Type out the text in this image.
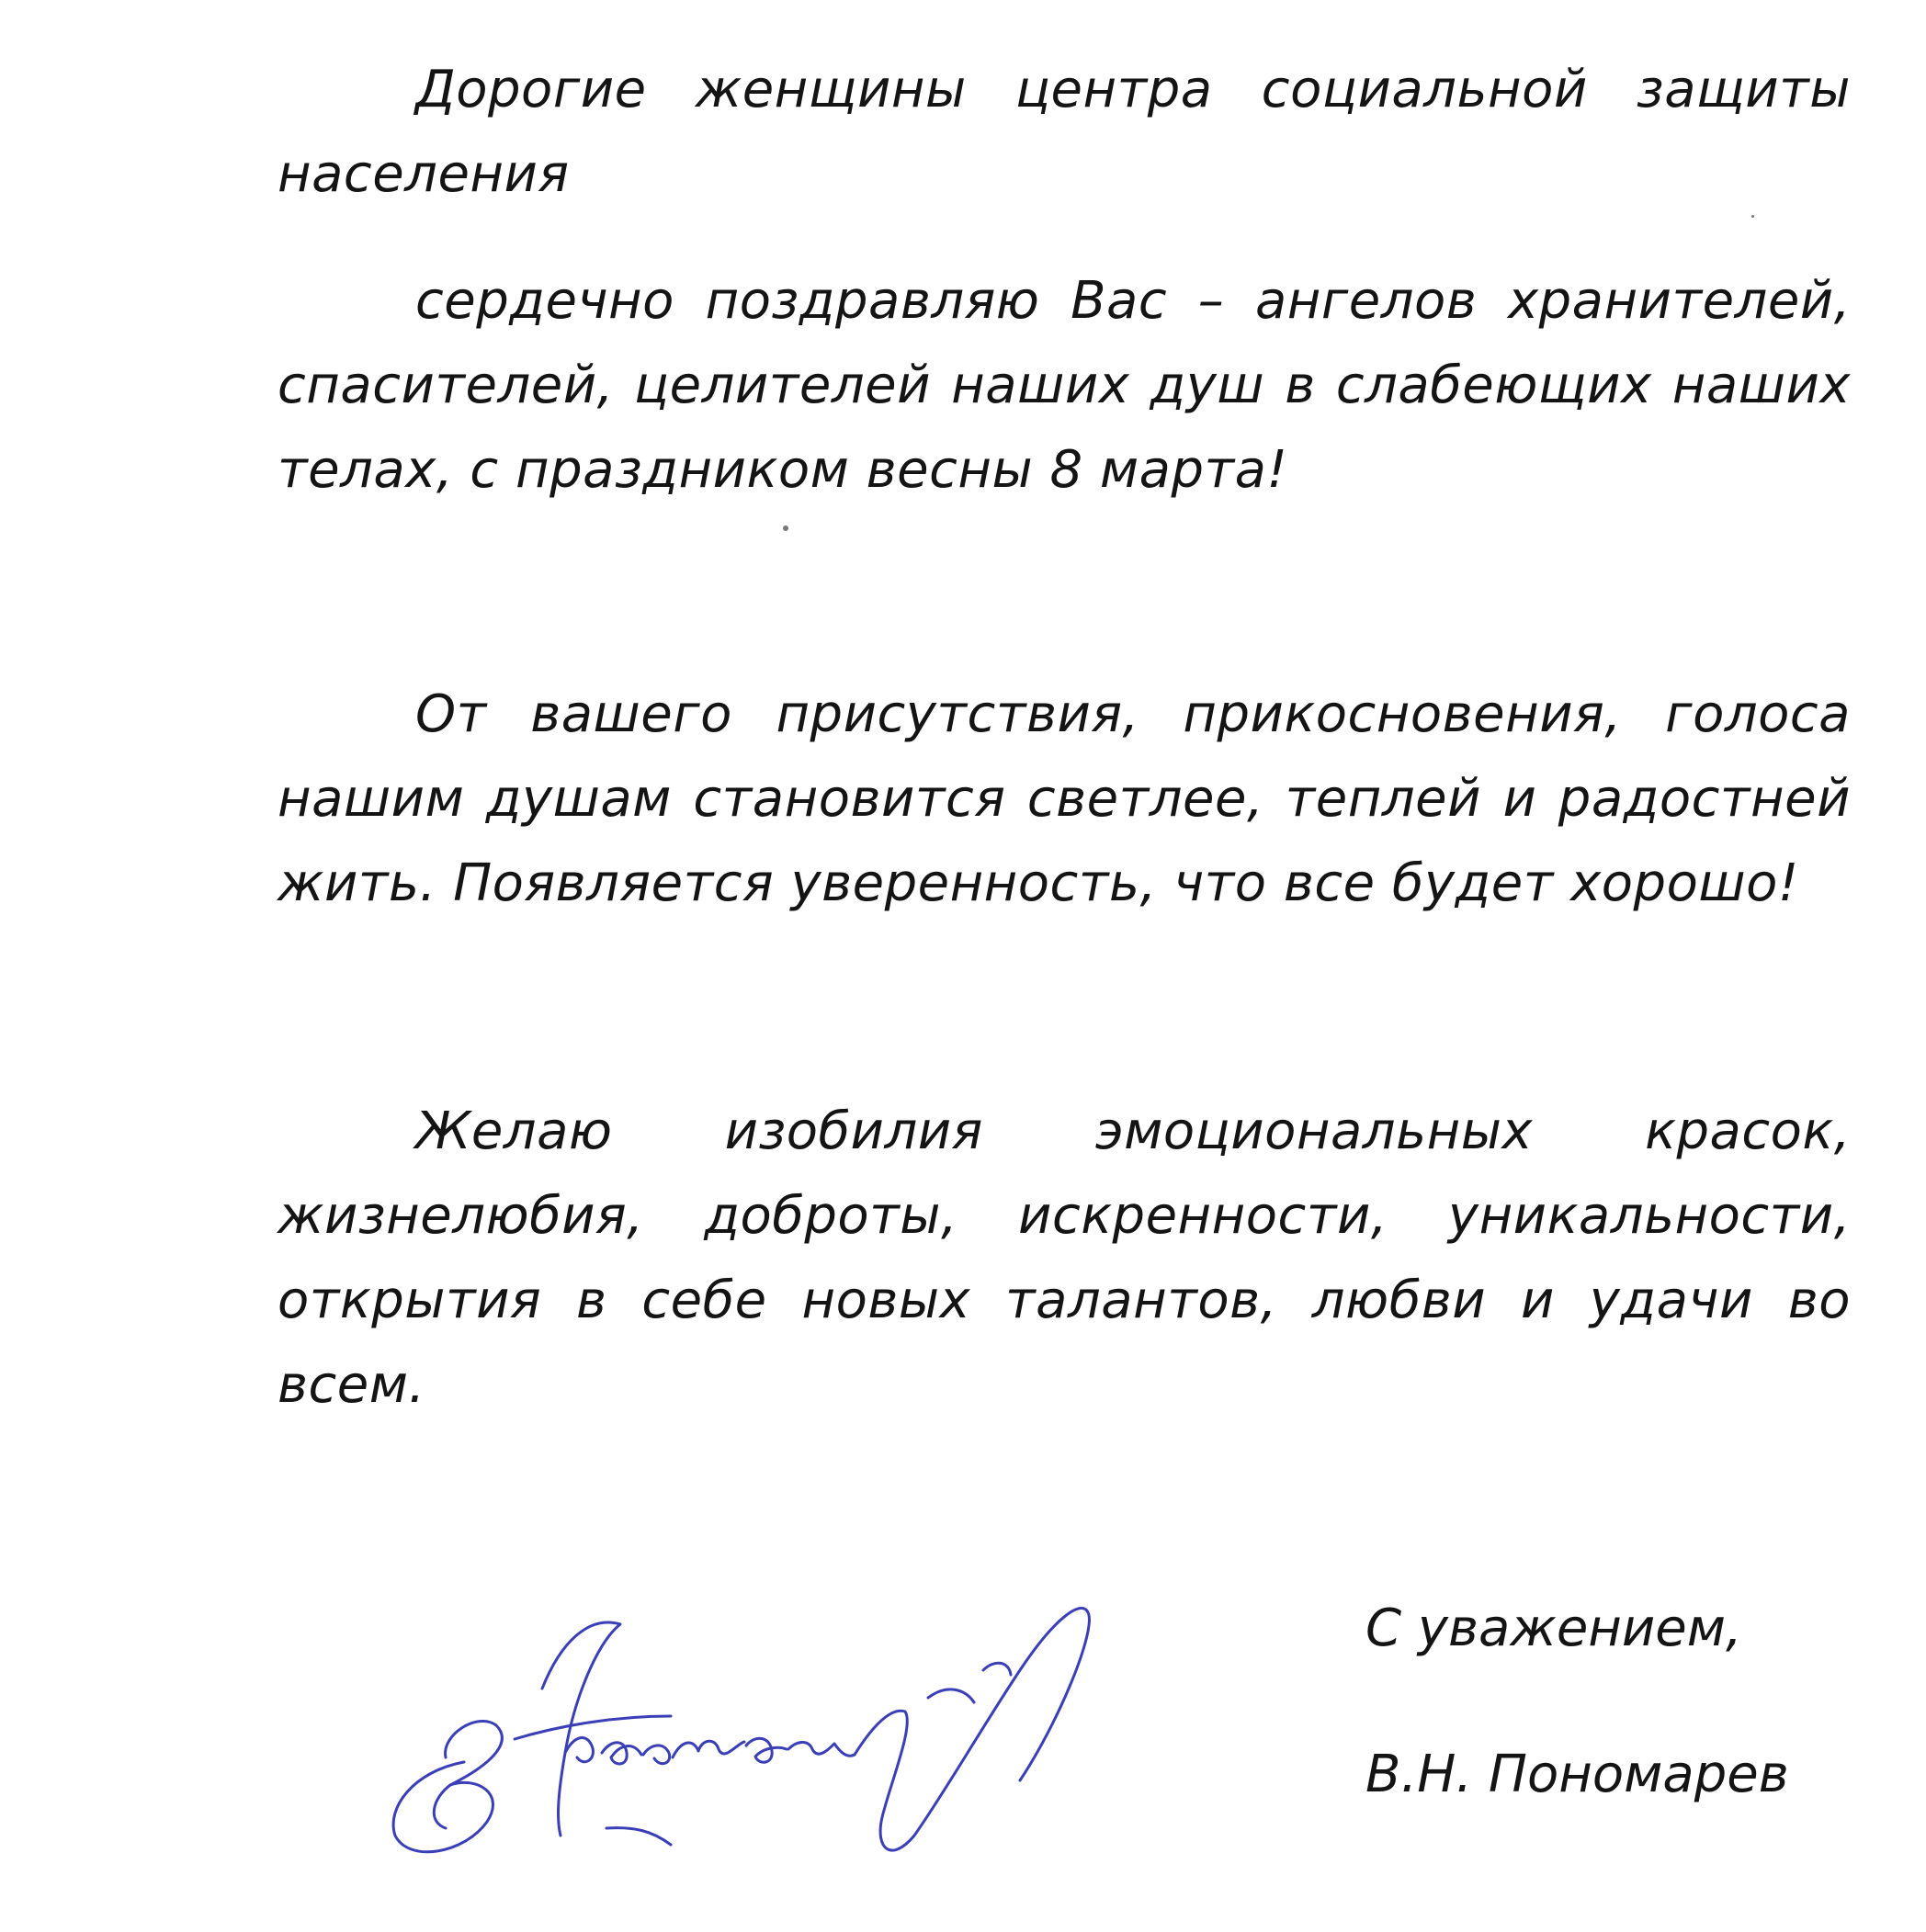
Дорогие женщины центра социальной защиты населения

сердечно поздравляю Вас – ангелов хранителей, спасителей, целителей наших душ в слабеющих наших телах, с праздником весны 8 марта!

От вашего присутствия, прикосновения, голоса нашим душам становится светлее, теплей и радостней жить. Появляется уверенность, что все будет хорошо!

Желаю изобилия эмоциональных красок, жизнелюбия, доброты, искренности, уникальности, открытия в себе новых талантов, любви и удачи во всем.

С уважением,

В.Н. Пономарев
